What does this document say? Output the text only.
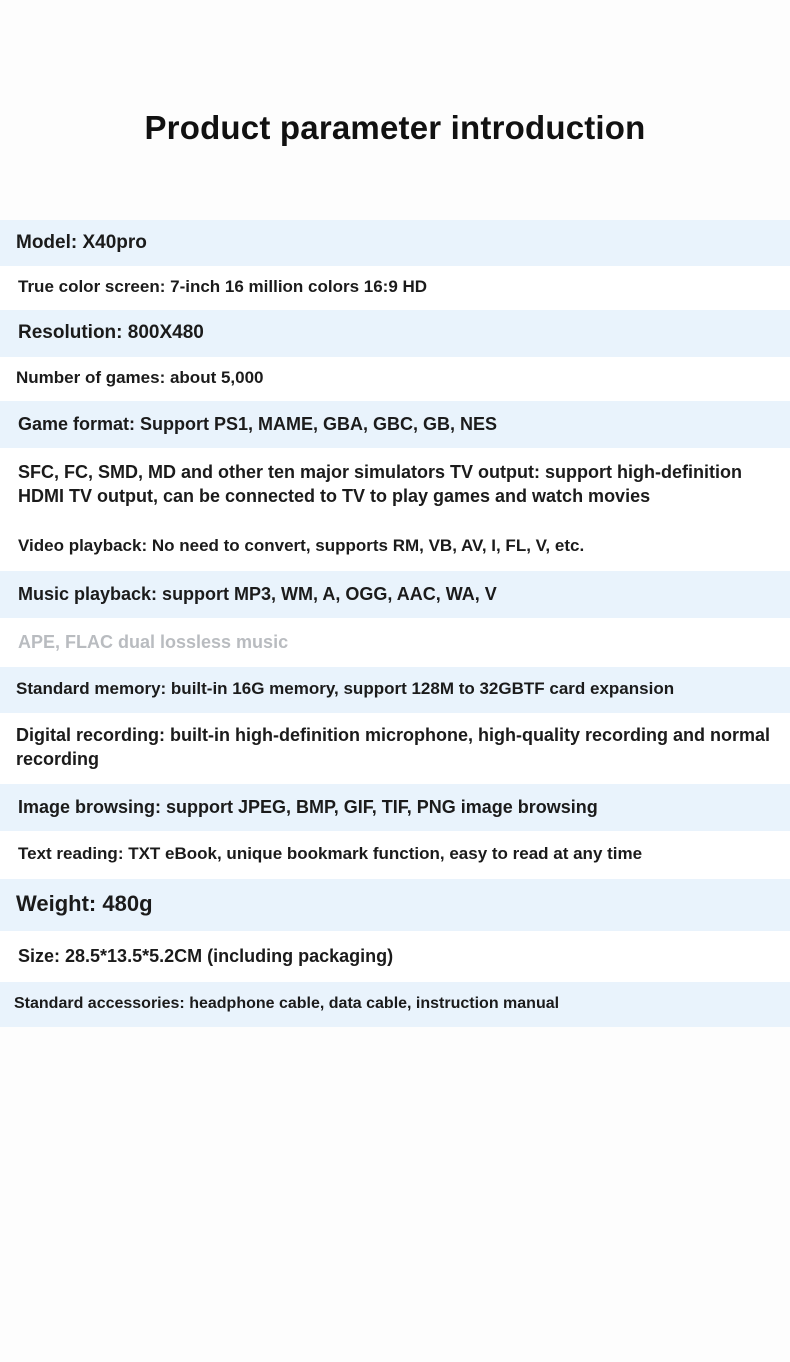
Product parameter introduction
Model: X40pro
True color screen: 7-inch 16 million colors 16:9 HD
Resolution: 800X480
Number of games: about 5,000
Game format: Support PS1, MAME, GBA, GBC, GB, NES
SFC, FC, SMD, MD and other ten major simulators TV output: support high-definition HDMI TV output, can be connected to TV to play games and watch movies
Video playback: No need to convert, supports RM, VB, AV, I, FL, V, etc.
Music playback: support MP3, WM, A, OGG, AAC, WA, V
APE, FLAC dual lossless music
Standard memory: built-in 16G memory, support 128M to 32GBTF card expansion
Digital recording: built-in high-definition microphone, high-quality recording and normal recording
Image browsing: support JPEG, BMP, GIF, TIF, PNG image browsing
Text reading: TXT eBook, unique bookmark function, easy to read at any time
Weight: 480g
Size: 28.5*13.5*5.2CM (including packaging)
Standard accessories: headphone cable, data cable, instruction manual
